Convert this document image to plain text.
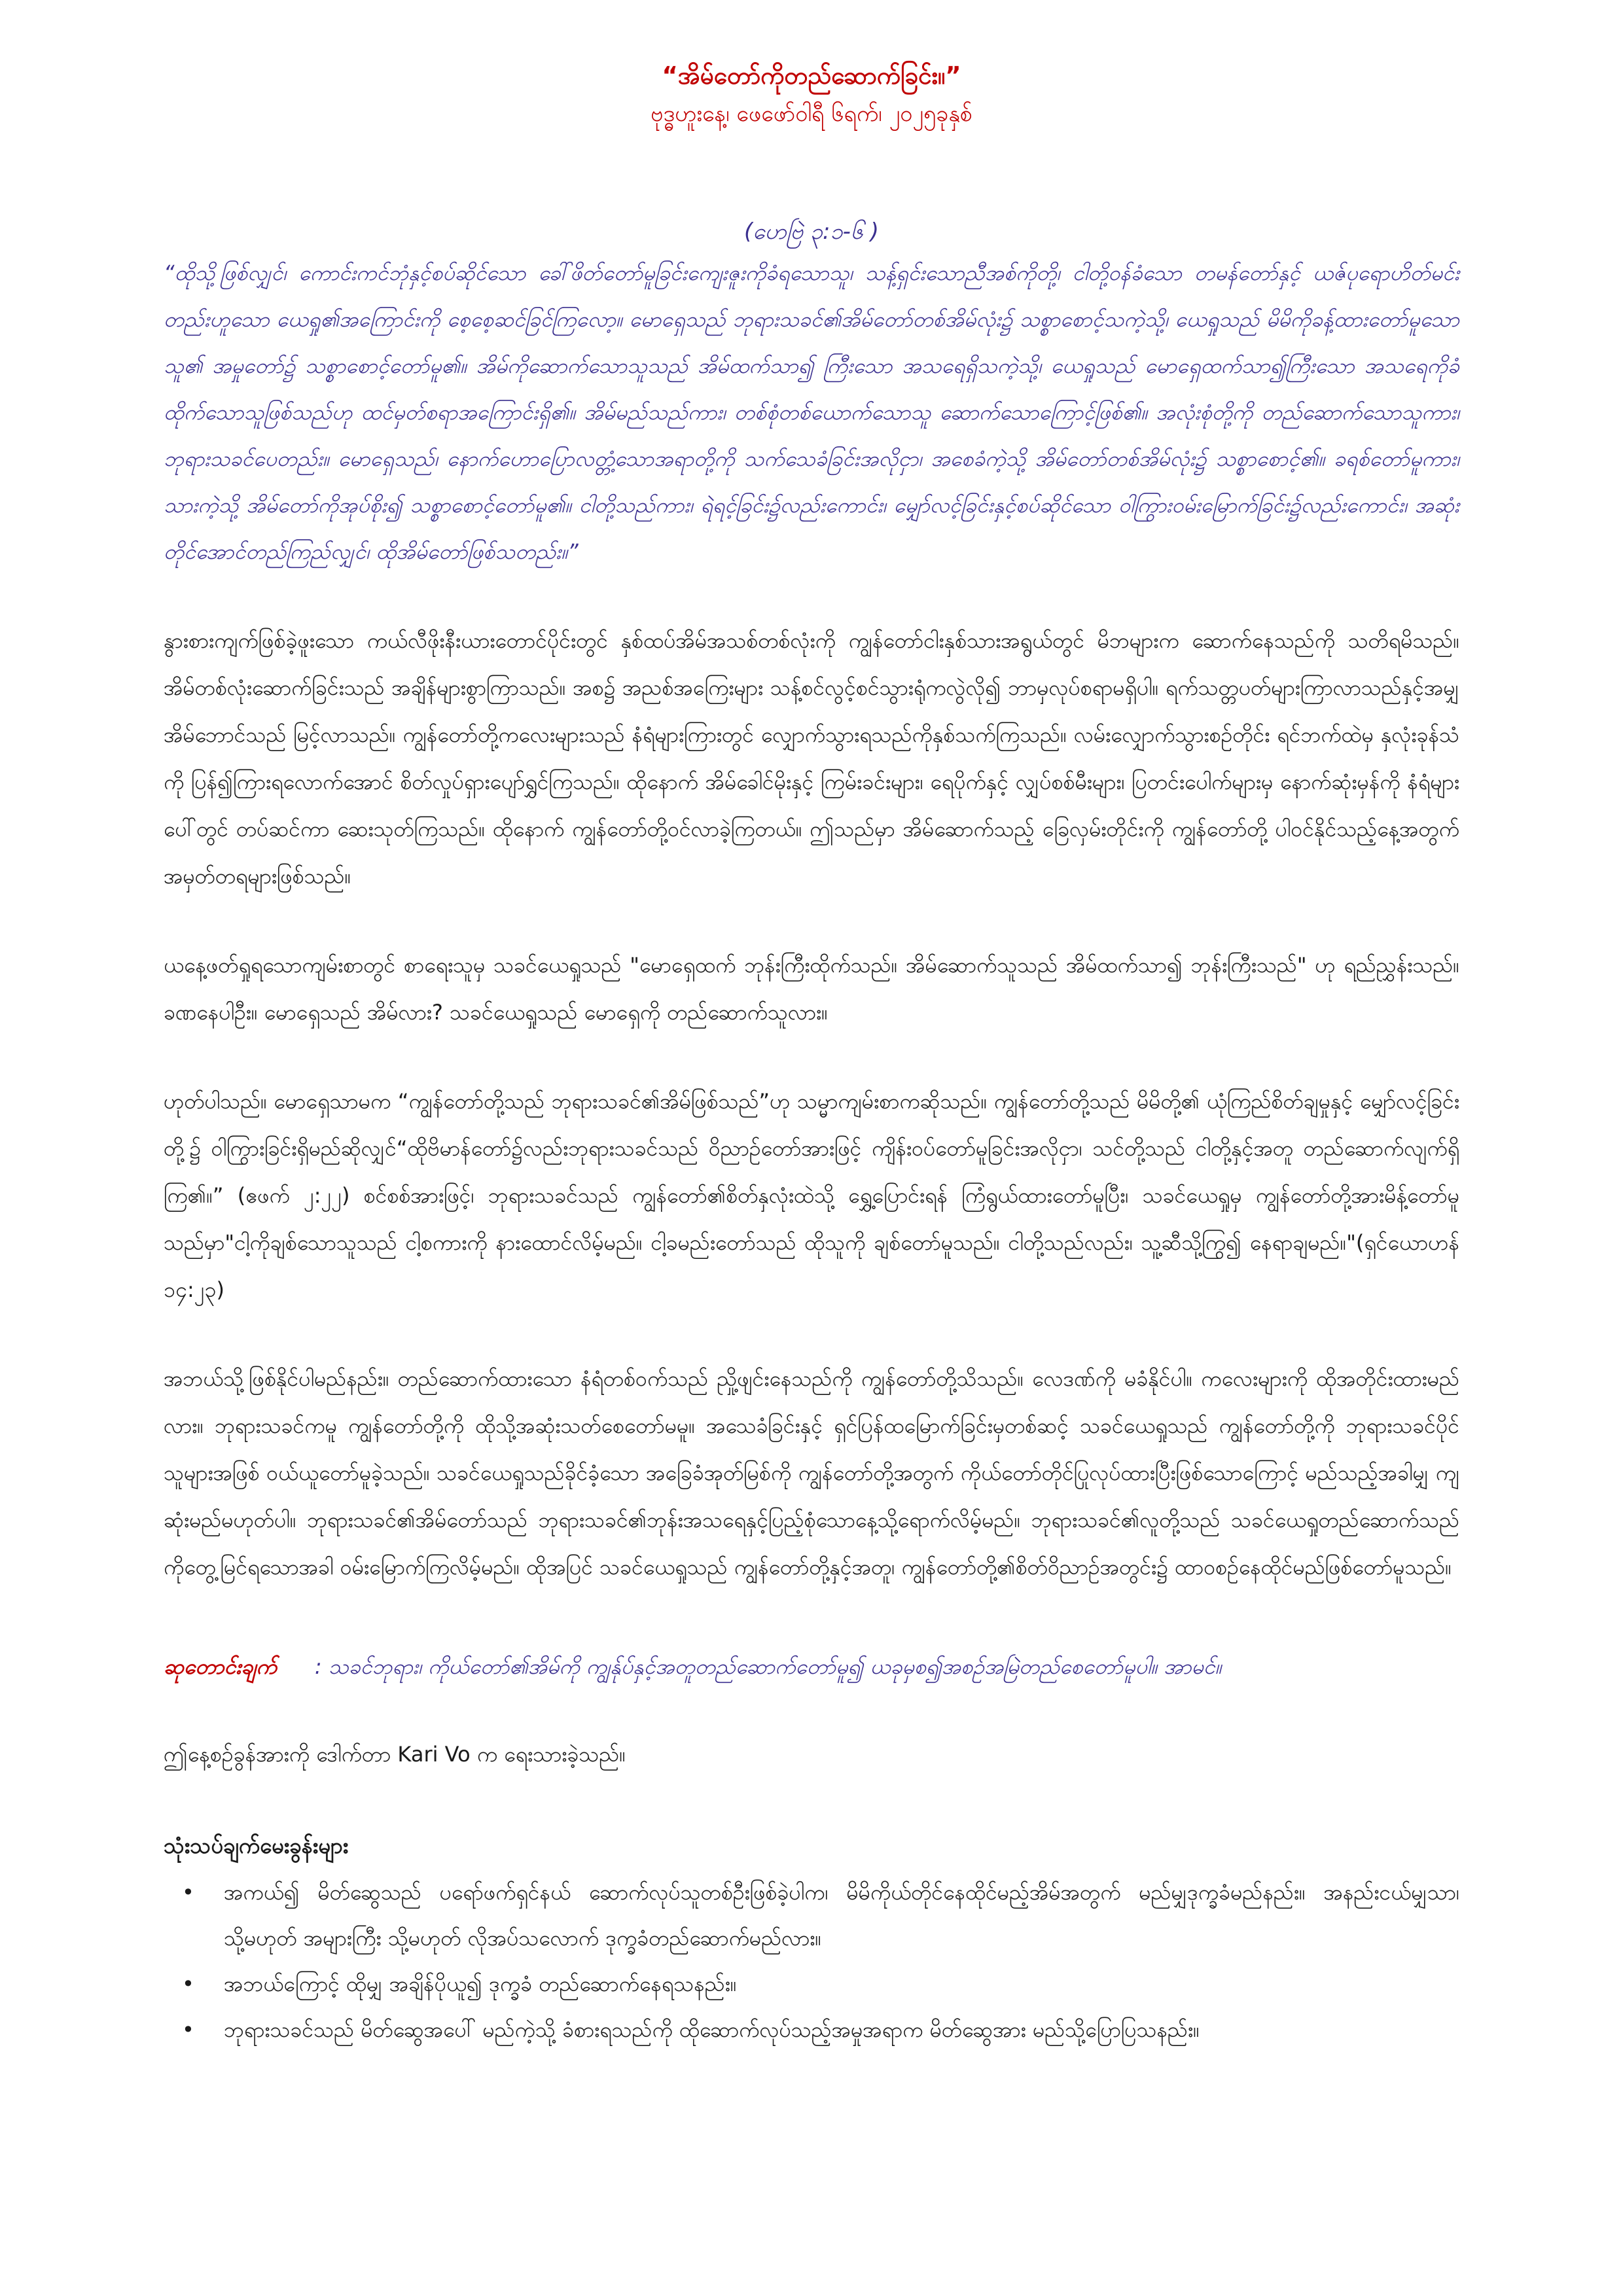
“အိမ်တော်ကိုတည်ဆောက်ခြင်း။”

ဗုဒ္ဓဟူးနေ့၊ ဖေဖော်ဝါရီ ၆ရက်၊ ၂၀၂၅ခုနှစ်

(ဟေဗြဲ ၃:၁-၆ )

“ထိုသို့ဖြစ်လျှင်၊ ကောင်းကင်ဘုံနှင့်စပ်ဆိုင်သော ခေါ်ဖိတ်တော်မူခြင်းကျေးဇူးကိုခံရသောသူ၊ သန့်ရှင်းသောညီအစ်ကိုတို့၊ ငါတို့ဝန်ခံသော တမန်တော်နှင့် ယဇ်ပုရောဟိတ်မင်းတည်းဟူသော ယေရှု၏အကြောင်းကို စေ့စေ့ဆင်ခြင်ကြလော့။ မောရှေသည် ဘုရားသခင်၏အိမ်တော်တစ်အိမ်လုံး၌ သစ္စာစောင့်သကဲ့သို့၊ ယေရှုသည် မိမိကိုခန့်ထားတော်မူသောသူ၏ အမှုတော်၌ သစ္စာစောင့်တော်မူ၏။ အိမ်ကိုဆောက်သောသူသည် အိမ်ထက်သာ၍ ကြီးသော အသရေရှိသကဲ့သို့၊ ယေရှုသည် မောရှေထက်သာ၍ကြီးသော အသရေကိုခံထိုက်သောသူဖြစ်သည်ဟု ထင်မှတ်စရာအကြောင်းရှိ၏။ အိမ်မည်သည်ကား၊ တစ်စုံတစ်ယောက်သောသူ ဆောက်သောကြောင့်ဖြစ်၏။ အလုံးစုံတို့ကို တည်ဆောက်သောသူကား၊ ဘုရားသခင်ပေတည်း။ မောရှေသည်၊ နောက်ဟောပြောလတ္တံ့သောအရာတို့ကို သက်သေခံခြင်းအလိုငှာ၊ အစေခံကဲ့သို့ အိမ်တော်တစ်အိမ်လုံး၌ သစ္စာစောင့်၏။ ခရစ်တော်မူကား၊ သားကဲ့သို့ အိမ်တော်ကိုအုပ်စိုး၍ သစ္စာစောင့်တော်မူ၏။ ငါတို့သည်ကား၊ ရဲရင့်ခြင်း၌လည်းကောင်း၊ မျှော်လင့်ခြင်းနှင့်စပ်ဆိုင်သော ဝါကြွားဝမ်းမြောက်ခြင်း၌လည်းကောင်း၊ အဆုံးတိုင်အောင်တည်ကြည်လျှင်၊ ထိုအိမ်တော်ဖြစ်သတည်း။”

နွားစားကျက်ဖြစ်ခဲ့ဖူးသော ကယ်လီဖိုးနီးယားတောင်ပိုင်းတွင် နှစ်ထပ်အိမ်အသစ်တစ်လုံးကို ကျွန်တော်ငါးနှစ်သားအရွယ်တွင် မိဘများက ဆောက်နေသည်ကို သတိရမိသည်။ အိမ်တစ်လုံးဆောက်ခြင်းသည် အချိန်များစွာကြာသည်။ အစ၌ အညစ်အကြေးများ သန့်စင်လွင့်စင်သွားရုံကလွဲလို၍ ဘာမှလုပ်စရာမရှိပါ။ ရက်သတ္တပတ်များကြာလာသည်နှင့်အမျှ အိမ်ဘောင်သည် မြင့်လာသည်။ ကျွန်တော်တို့ကလေးများသည် နံရံများကြားတွင် လျှောက်သွားရသည်ကိုနှစ်သက်ကြသည်။ လမ်းလျှောက်သွားစဉ်တိုင်း ရင်ဘက်ထဲမှ နှလုံးခုန်သံကို ပြန်၍ကြားရလောက်အောင် စိတ်လှုပ်ရှားပျော်ရွှင်ကြသည်။ ထိုနောက် အိမ်ခေါင်မိုးနှင့် ကြမ်းခင်းများ၊ ရေပိုက်နှင့် လျှပ်စစ်မီးများ၊ ပြတင်းပေါက်များမှ နောက်ဆုံးမှန်ကို နံရံများပေါ်တွင် တပ်ဆင်ကာ ဆေးသုတ်ကြသည်။ ထိုနောက် ကျွန်တော်တို့ဝင်လာခဲ့ကြတယ်။ ဤသည်မှာ အိမ်ဆောက်သည့် ခြေလှမ်းတိုင်းကို ကျွန်တော်တို့ ပါဝင်နိုင်သည့်နေ့အတွက် အမှတ်တရများဖြစ်သည်။

ယနေ့ဖတ်ရှုရသောကျမ်းစာတွင် စာရေးသူမှ သခင်ယေရှုသည် "မောရှေထက် ဘုန်းကြီးထိုက်သည်။ အိမ်ဆောက်သူသည် အိမ်ထက်သာ၍ ဘုန်းကြီးသည်" ဟု ရည်ညွှန်းသည်။ ခဏနေပါဦး။ မောရှေသည် အိမ်လား? သခင်ယေရှုသည် မောရှေကို တည်ဆောက်သူလား။

ဟုတ်ပါသည်။ မောရှေသာမက “ကျွန်တော်တို့သည် ဘုရားသခင်၏အိမ်ဖြစ်သည်”ဟု သမ္မာကျမ်းစာကဆိုသည်။ ကျွန်တော်တို့သည် မိမိတို့၏ ယုံကြည်စိတ်ချမှုနှင့် မျှော်လင့်ခြင်းတို့၌ ဝါကြွားခြင်းရှိမည်ဆိုလျှင်“ထိုဗိမာန်တော်၌လည်းဘုရားသခင်သည် ဝိညာဉ်တော်အားဖြင့် ကျိန်းဝပ်တော်မူခြင်းအလိုငှာ၊ သင်တို့သည် ငါတို့နှင့်အတူ တည်ဆောက်လျက်ရှိကြ၏။” (ဧဖက် ၂:၂၂) စင်စစ်အားဖြင့်၊ ဘုရားသခင်သည် ကျွန်တော်၏စိတ်နှလုံးထဲသို့ ရွှေ့ပြောင်းရန် ကြံရွယ်ထားတော်မူပြီး၊ သခင်ယေရှုမှ ကျွန်တော်တို့အားမိန့်တော်မူသည်မှာ"ငါ့ကိုချစ်သောသူသည် ငါ့စကားကို နားထောင်လိမ့်မည်။ ငါ့ခမည်းတော်သည် ထိုသူကို ချစ်တော်မူသည်။ ငါတို့သည်လည်း၊ သူ့ဆီသို့ကြွ၍ နေရာချမည်။"(ရှင်ယောဟန် ၁၄:၂၃)

အဘယ်သို့ဖြစ်နိုင်ပါမည်နည်း။ တည်ဆောက်ထားသော နံရံတစ်ဝက်သည် ညှို့ဖျင်းနေသည်ကို ကျွန်တော်တို့သိသည်။ လေဒဏ်ကို မခံနိုင်ပါ။ ကလေးများကို ထိုအတိုင်းထားမည်လား။ ဘုရားသခင်ကမူ ကျွန်တော်တို့ကို ထိုသို့အဆုံးသတ်စေတော်မမူ။ အသေခံခြင်းနှင့် ရှင်ပြန်ထမြောက်ခြင်းမှတစ်ဆင့် သခင်ယေရှုသည် ကျွန်တော်တို့ကို ဘုရားသခင်ပိုင်သူများအဖြစ် ဝယ်ယူတော်မူခဲ့သည်။ သခင်ယေရှုသည်ခိုင်ခံ့သော အခြေခံအုတ်မြစ်ကို ကျွန်တော်တို့အတွက် ကိုယ်တော်တိုင်ပြုလုပ်ထားပြီးဖြစ်သောကြောင့် မည်သည့်အခါမျှ ကျဆုံးမည်မဟုတ်ပါ။ ဘုရားသခင်၏အိမ်တော်သည် ဘုရားသခင်၏ဘုန်းအသရေနှင့်ပြည့်စုံသောနေ့သို့ရောက်လိမ့်မည်။ ဘုရားသခင်၏လူတို့သည် သခင်ယေရှုတည်ဆောက်သည်ကိုတွေ့မြင်ရသောအခါ ဝမ်းမြောက်ကြလိမ့်မည်။ ထိုအပြင် သခင်ယေရှုသည် ကျွန်တော်တို့နှင့်အတူ၊ ကျွန်တော်တို့၏စိတ်ဝိညာဉ်အတွင်း၌ ထာဝစဉ်နေထိုင်မည်ဖြစ်တော်မူသည်။

ဆုတောင်းချက် : သခင်ဘုရား၊ ကိုယ်တော်၏အိမ်ကို ကျွန်ုပ်နှင့်အတူတည်ဆောက်တော်မူ၍ ယခုမှစ၍အစဉ်အမြဲတည်စေတော်မူပါ။ အာမင်။

ဤနေ့စဉ်ခွန်အားကို ဒေါက်တာ Kari Vo က ရေးသားခဲ့သည်။

သုံးသပ်ချက်မေးခွန်းများ

• အကယ်၍ မိတ်ဆွေသည် ပရော်ဖက်ရှင်နယ် ဆောက်လုပ်သူတစ်ဦးဖြစ်ခဲ့ပါက၊ မိမိကိုယ်တိုင်နေထိုင်မည့်အိမ်အတွက် မည်မျှဒုက္ခခံမည်နည်း။ အနည်းငယ်မျှသာ၊ သို့မဟုတ် အများကြီး သို့မဟုတ် လိုအပ်သလောက် ဒုက္ခခံတည်ဆောက်မည်လား။
• အဘယ်ကြောင့် ထိုမျှ အချိန်ပိုယူ၍ ဒုက္ခခံ တည်ဆောက်နေရသနည်း။
• ဘုရားသခင်သည် မိတ်ဆွေအပေါ် မည်ကဲ့သို့ ခံစားရသည်ကို ထိုဆောက်လုပ်သည့်အမှုအရာက မိတ်ဆွေအား မည်သို့ပြောပြသနည်း။
